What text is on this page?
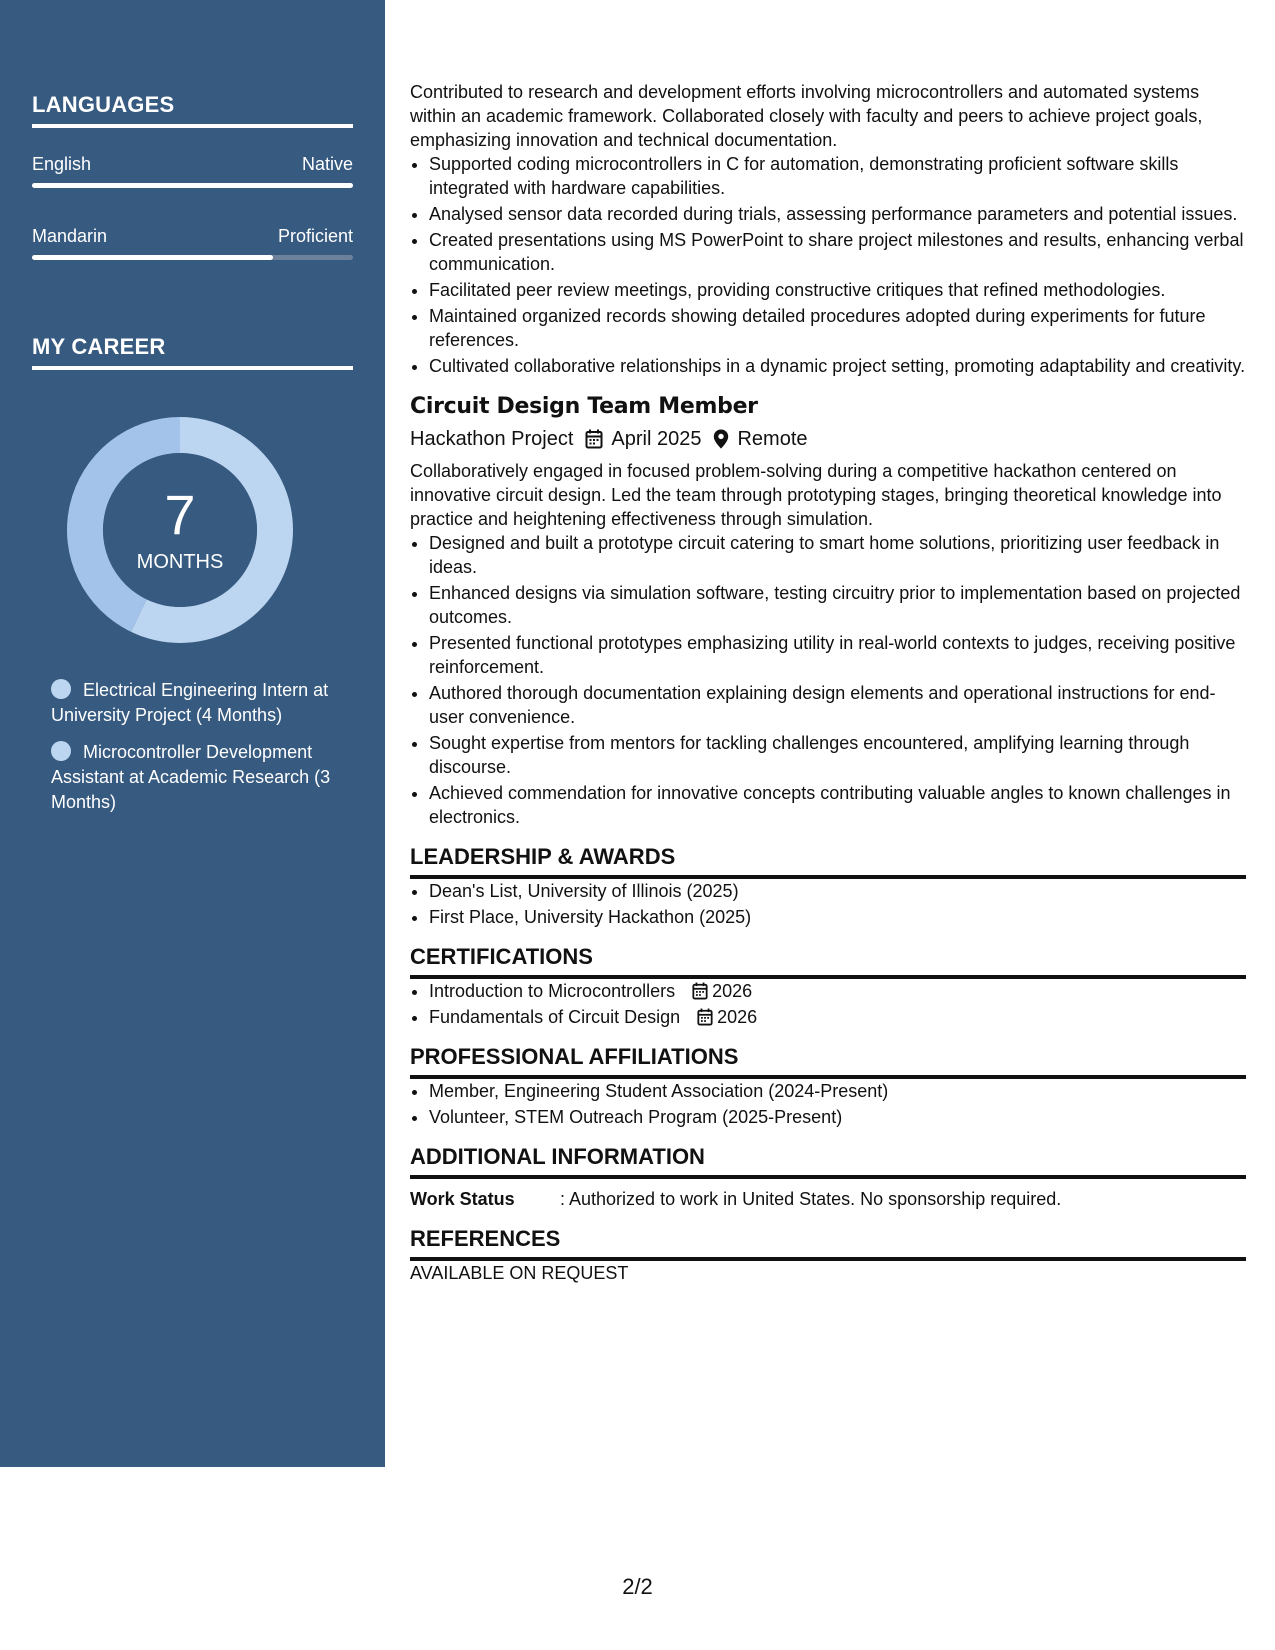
LANGUAGES
English	Native
Mandarin	Proficient
MY CAREER
7
MONTHS
Electrical Engineering Intern at University Project (4 Months)
Microcontroller Development Assistant at Academic Research (3 Months)

Contributed to research and development efforts involving microcontrollers and automated systems within an academic framework. Collaborated closely with faculty and peers to achieve project goals, emphasizing innovation and technical documentation.

• Supported coding microcontrollers in C for automation, demonstrating proficient software skills integrated with hardware capabilities.
• Analysed sensor data recorded during trials, assessing performance parameters and potential issues.
• Created presentations using MS PowerPoint to share project milestones and results, enhancing verbal communication.
• Facilitated peer review meetings, providing constructive critiques that refined methodologies.
• Maintained organized records showing detailed procedures adopted during experiments for future references.
• Cultivated collaborative relationships in a dynamic project setting, promoting adaptability and creativity.
Circuit Design Team Member
Hackathon Project April 2025 Remote

Collaboratively engaged in focused problem-solving during a competitive hackathon centered on innovative circuit design. Led the team through prototyping stages, bringing theoretical knowledge into practice and heightening effectiveness through simulation.

• Designed and built a prototype circuit catering to smart home solutions, prioritizing user feedback in ideas.
• Enhanced designs via simulation software, testing circuitry prior to implementation based on projected outcomes.
• Presented functional prototypes emphasizing utility in real-world contexts to judges, receiving positive reinforcement.
• Authored thorough documentation explaining design elements and operational instructions for end-user convenience.
• Sought expertise from mentors for tackling challenges encountered, amplifying learning through discourse.
• Achieved commendation for innovative concepts contributing valuable angles to known challenges in electronics.
LEADERSHIP & AWARDS
• Dean's List, University of Illinois (2025)
• First Place, University Hackathon (2025)
CERTIFICATIONS
• Introduction to Microcontrollers 2026
• Fundamentals of Circuit Design 2026
PROFESSIONAL AFFILIATIONS
• Member, Engineering Student Association (2024-Present)
• Volunteer, STEM Outreach Program (2025-Present)
ADDITIONAL INFORMATION
Work Status	: Authorized to work in United States. No sponsorship required.
REFERENCES

AVAILABLE ON REQUEST

2/2
